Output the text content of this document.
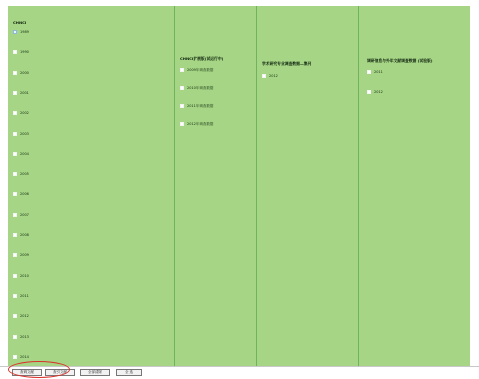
CHNCI
1989
1990
2000
2001
2002
2003
2004
2005
2006
2007
2008
2009
2010
2011
2012
2013
2014
CHNCI扩展版(试运行中)
2009年调查数据
2010年调查数据
2011年调查数据
2012年调查数据
学术研究专业调查数据—集刊
2012
调研信息与外年文献调查数据 (试验版)
2011
2012
查调文献	查引文献	全部清除	全 选
